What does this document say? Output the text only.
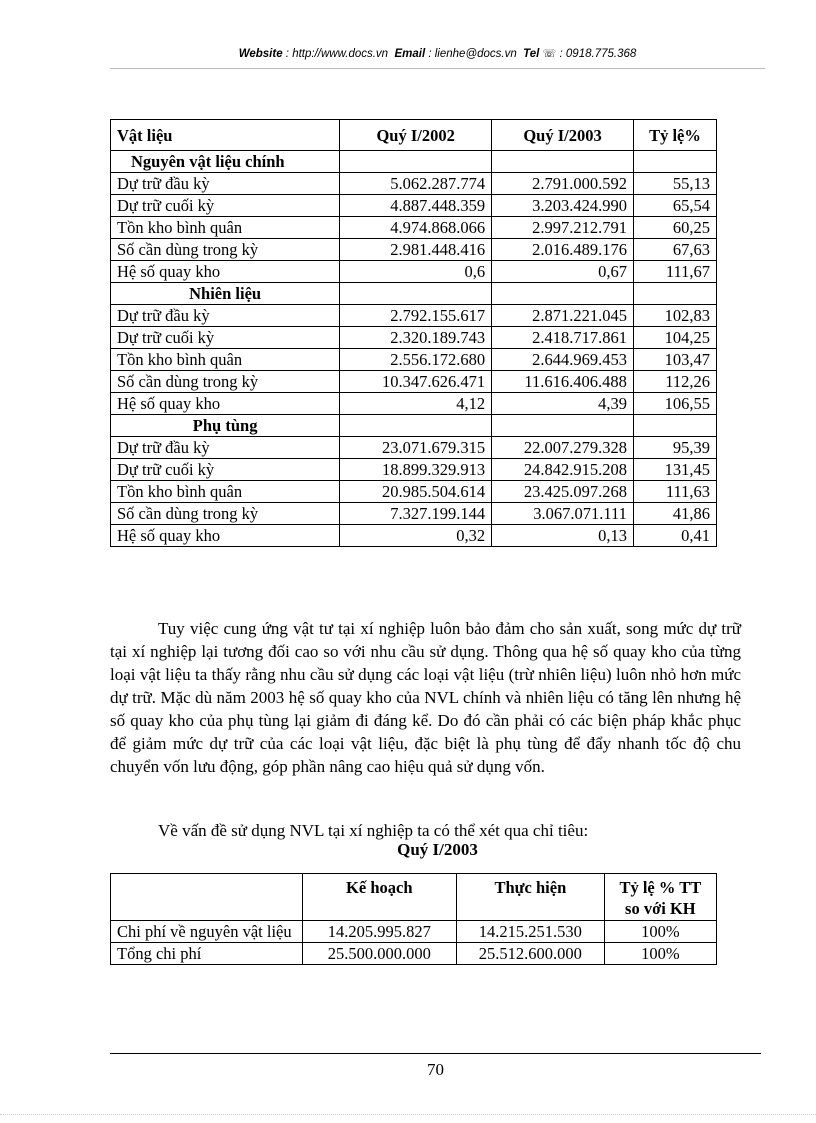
Website : http://www.docs.vn Email : lienhe@docs.vn Tel ☏ : 0918.775.368
Vật liệu	Quý I/2002	Quý I/2003	Tỷ lệ%
Nguyên vật liệu chính			
Dự trữ đầu kỳ	5.062.287.774	2.791.000.592	55,13
Dự trữ cuối kỳ	4.887.448.359	3.203.424.990	65,54
Tồn kho bình quân	4.974.868.066	2.997.212.791	60,25
Số cần dùng trong kỳ	2.981.448.416	2.016.489.176	67,63
Hệ số quay kho	0,6	0,67	111,67
Nhiên liệu			
Dự trữ đầu kỳ	2.792.155.617	2.871.221.045	102,83
Dự trữ cuối kỳ	2.320.189.743	2.418.717.861	104,25
Tồn kho bình quân	2.556.172.680	2.644.969.453	103,47
Số cần dùng trong kỳ	10.347.626.471	11.616.406.488	112,26
Hệ số quay kho	4,12	4,39	106,55
Phụ tùng			
Dự trữ đầu kỳ	23.071.679.315	22.007.279.328	95,39
Dự trữ cuối kỳ	18.899.329.913	24.842.915.208	131,45
Tồn kho bình quân	20.985.504.614	23.425.097.268	111,63
Số cần dùng trong kỳ	7.327.199.144	3.067.071.111	41,86
Hệ số quay kho	0,32	0,13	0,41

Tuy việc cung ứng vật tư tại xí nghiệp luôn bảo đảm cho sản xuất, song mức dự trữ tại xí nghiệp lại tương đối cao so với nhu cầu sử dụng. Thông qua hệ số quay kho của từng loại vật liệu ta thấy rằng nhu cầu sử dụng các loại vật liệu (trừ nhiên liệu) luôn nhỏ hơn mức dự trữ. Mặc dù năm 2003 hệ số quay kho của NVL chính và nhiên liệu có tăng lên nhưng hệ số quay kho của phụ tùng lại giảm đi đáng kể. Do đó cần phải có các biện pháp khắc phục để giảm mức dự trữ của các loại vật liệu, đặc biệt là phụ tùng để đẩy nhanh tốc độ chu chuyển vốn lưu động, góp phần nâng cao hiệu quả sử dụng vốn.

Về vấn đề sử dụng NVL tại xí nghiệp ta có thể xét qua chỉ tiêu:

Quý I/2003
	Kế hoạch	Thực hiện	Tỷ lệ % TT so với KH
Chi phí về nguyên vật liệu	14.205.995.827	14.215.251.530	100%
Tổng chi phí	25.500.000.000	25.512.600.000	100%
70
